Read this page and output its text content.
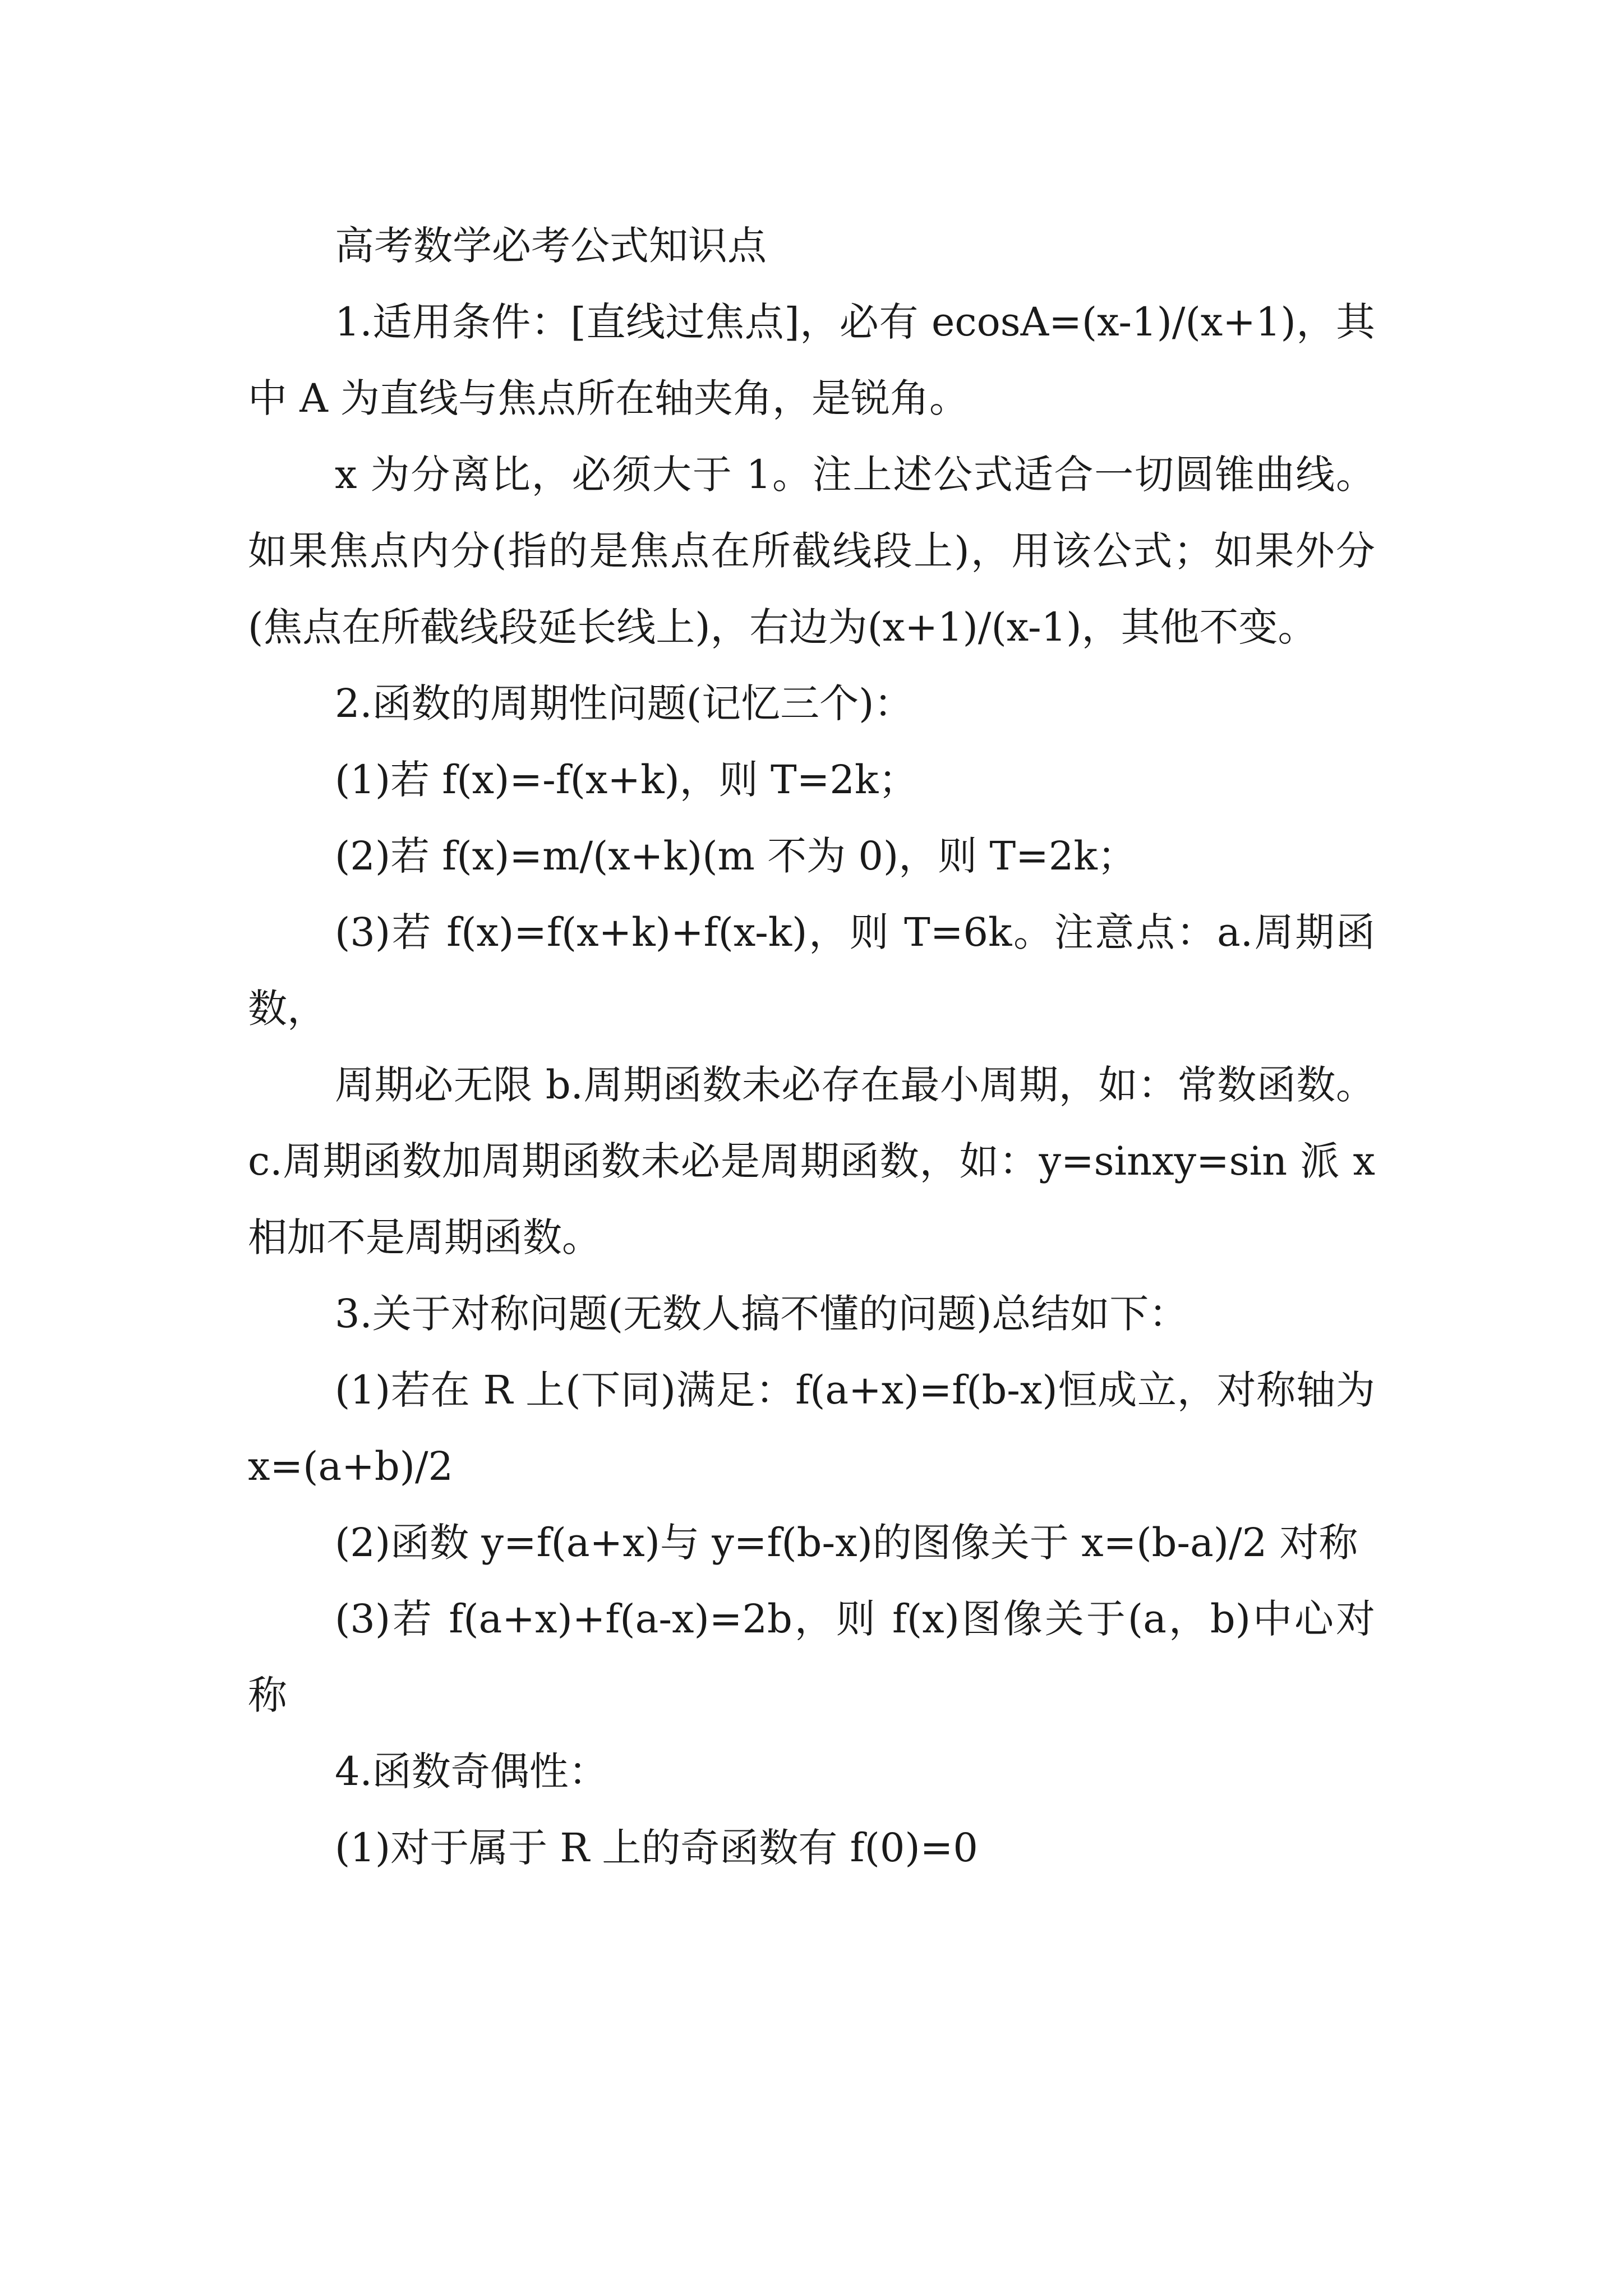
高考数学必考公式知识点

1.适用条件：[直线过焦点]，必有 ecosA=(x-1)/(x+1)，其中 A 为直线与焦点所在轴夹角，是锐角。

x 为分离比，必须大于 1。注上述公式适合一切圆锥曲线。如果焦点内分(指的是焦点在所截线段上)，用该公式；如果外分(焦点在所截线段延长线上)，右边为(x+1)/(x-1)，其他不变。

2.函数的周期性问题(记忆三个)：

(1)若 f(x)=-f(x+k)，则 T=2k；

(2)若 f(x)=m/(x+k)(m 不为 0)，则 T=2k；

(3)若 f(x)=f(x+k)+f(x-k)，则 T=6k。注意点：a.周期函数，

周期必无限 b.周期函数未必存在最小周期，如：常数函数。c.周期函数加周期函数未必是周期函数，如：y=sinxy=sin 派 x 相加不是周期函数。

3.关于对称问题(无数人搞不懂的问题)总结如下：

(1)若在 R 上(下同)满足：f(a+x)=f(b-x)恒成立，对称轴为 x=(a+b)/2

(2)函数 y=f(a+x)与 y=f(b-x)的图像关于 x=(b-a)/2 对称

(3)若 f(a+x)+f(a-x)=2b，则 f(x)图像关于(a，b)中心对称

4.函数奇偶性：

(1)对于属于 R 上的奇函数有 f(0)=0
